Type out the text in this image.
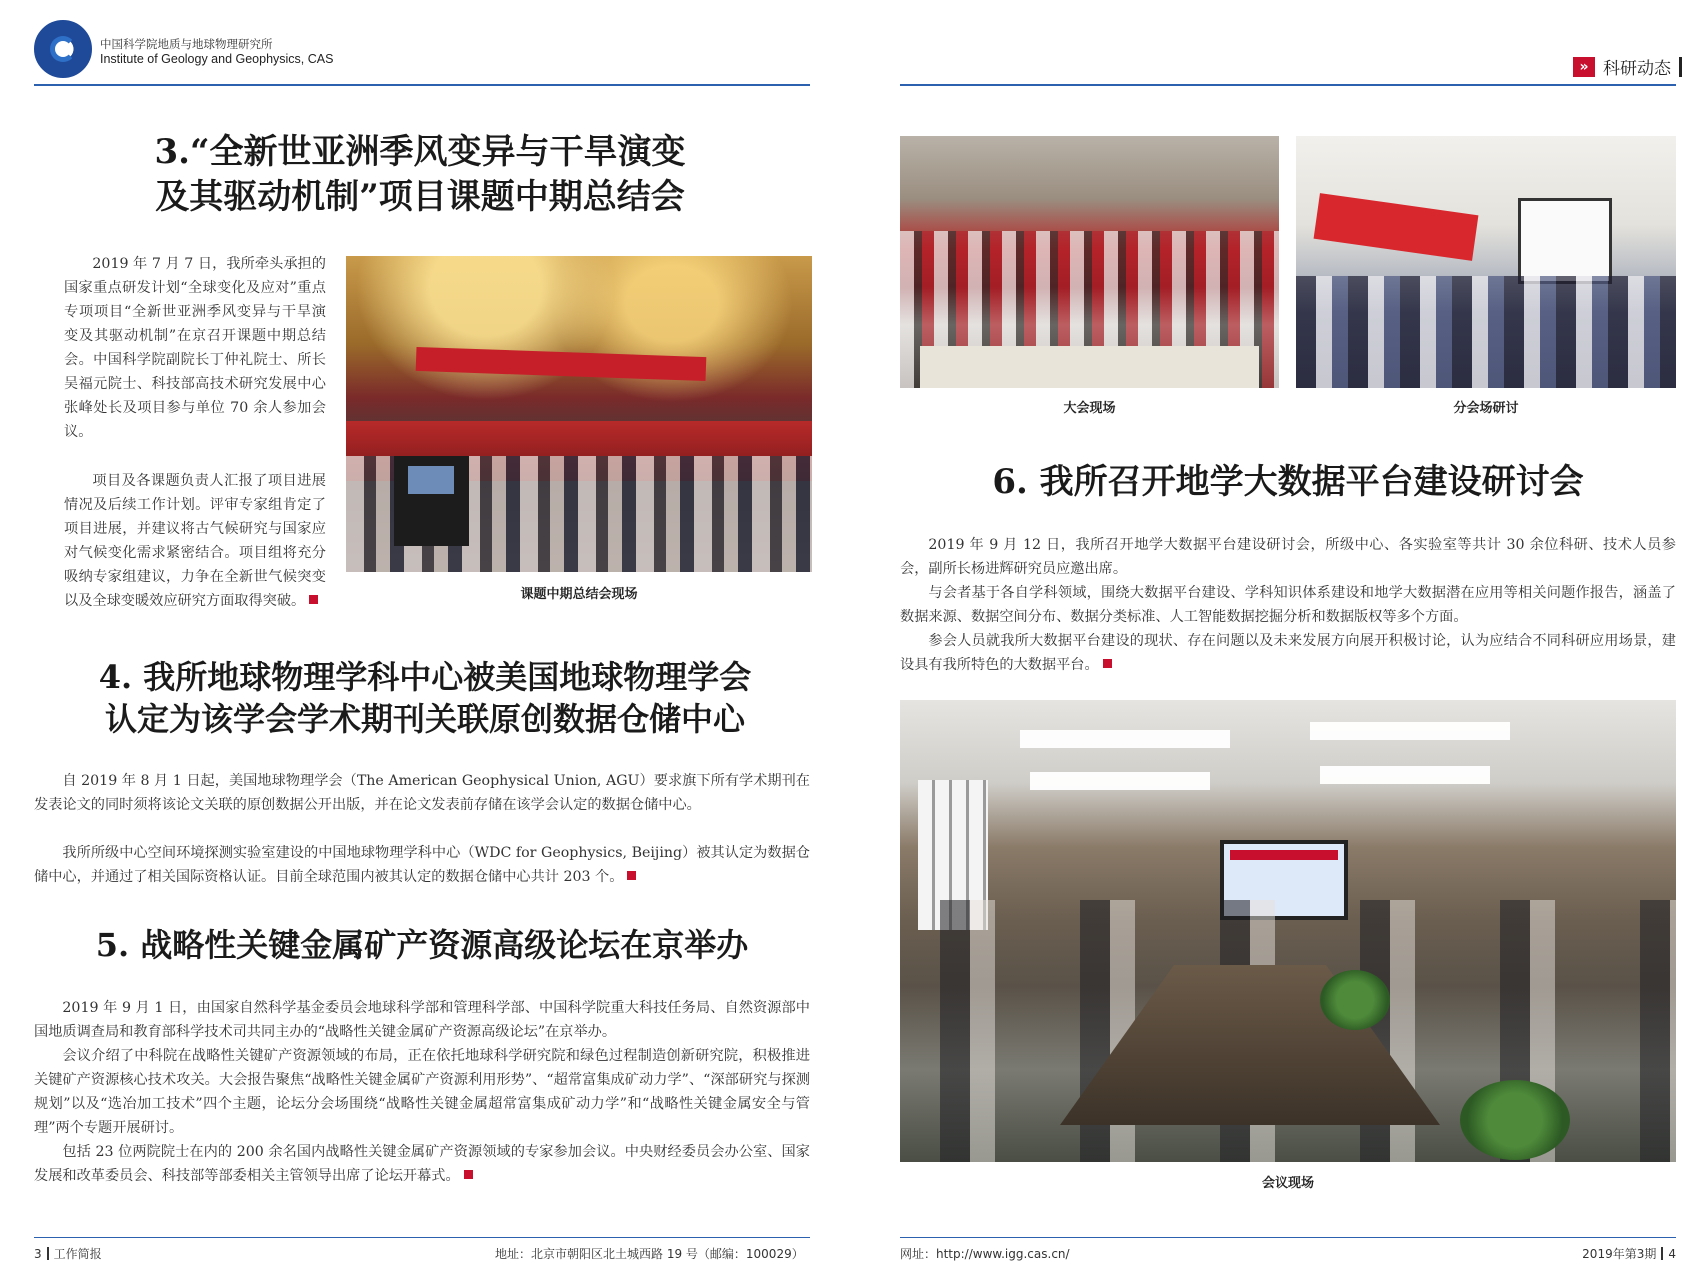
中国科学院地质与地球物理研究所
Institute of Geology and Geophysics, CAS
3.“全新世亚洲季风变异与干旱演变
及其驱动机制”项目课题中期总结会
2019 年 7 月 7 日，我所牵头承担的国家重点研发计划“全球变化及应对”重点专项项目“全新世亚洲季风变异与干旱演变及其驱动机制”在京召开课题中期总结会。中国科学院副院长丁仲礼院士、所长吴福元院士、科技部高技术研究发展中心张峰处长及项目参与单位 70 余人参加会议。
项目及各课题负责人汇报了项目进展情况及后续工作计划。评审专家组肯定了项目进展，并建议将古气候研究与国家应对气候变化需求紧密结合。项目组将充分吸纳专家组建议，力争在全新世气候突变以及全球变暖效应研究方面取得突破。	课题中期总结会现场
4. 我所地球物理学科中心被美国地球物理学会
认定为该学会学术期刊关联原创数据仓储中心
自 2019 年 8 月 1 日起，美国地球物理学会（The American Geophysical Union, AGU）要求旗下所有学术期刊在发表论文的同时须将该论文关联的原创数据公开出版，并在论文发表前存储在该学会认定的数据仓储中心。
我所所级中心空间环境探测实验室建设的中国地球物理学科中心（WDC for Geophysics, Beijing）被其认定为数据仓储中心，并通过了相关国际资格认证。目前全球范围内被其认定的数据仓储中心共计 203 个。
5. 战略性关键金属矿产资源高级论坛在京举办
2019 年 9 月 1 日，由国家自然科学基金委员会地球科学部和管理科学部、中国科学院重大科技任务局、自然资源部中国地质调查局和教育部科学技术司共同主办的“战略性关键金属矿产资源高级论坛”在京举办。
会议介绍了中科院在战略性关键矿产资源领域的布局，正在依托地球科学研究院和绿色过程制造创新研究院，积极推进关键矿产资源核心技术攻关。大会报告聚焦“战略性关键金属矿产资源利用形势”、“超常富集成矿动力学”、“深部研究与探测规划”以及“选冶加工技术”四个主题，论坛分会场围绕“战略性关键金属超常富集成矿动力学”和“战略性关键金属安全与管理”两个专题开展研讨。
包括 23 位两院院士在内的 200 余名国内战略性关键金属矿产资源领域的专家参加会议。中央财经委员会办公室、国家发展和改革委员会、科技部等部委相关主管领导出席了论坛开幕式。
3 工作简报	地址：北京市朝阳区北土城西路 19 号（邮编：100029）
» 科研动态
大会现场	分会场研讨
6. 我所召开地学大数据平台建设研讨会
2019 年 9 月 12 日，我所召开地学大数据平台建设研讨会，所级中心、各实验室等共计 30 余位科研、技术人员参会，副所长杨进辉研究员应邀出席。
与会者基于各自学科领域，围绕大数据平台建设、学科知识体系建设和地学大数据潜在应用等相关问题作报告，涵盖了数据来源、数据空间分布、数据分类标准、人工智能数据挖掘分析和数据版权等多个方面。
参会人员就我所大数据平台建设的现状、存在问题以及未来发展方向展开积极讨论，认为应结合不同科研应用场景，建设具有我所特色的大数据平台。
会议现场
网址：http://www.igg.cas.cn/	2019年第3期 4
